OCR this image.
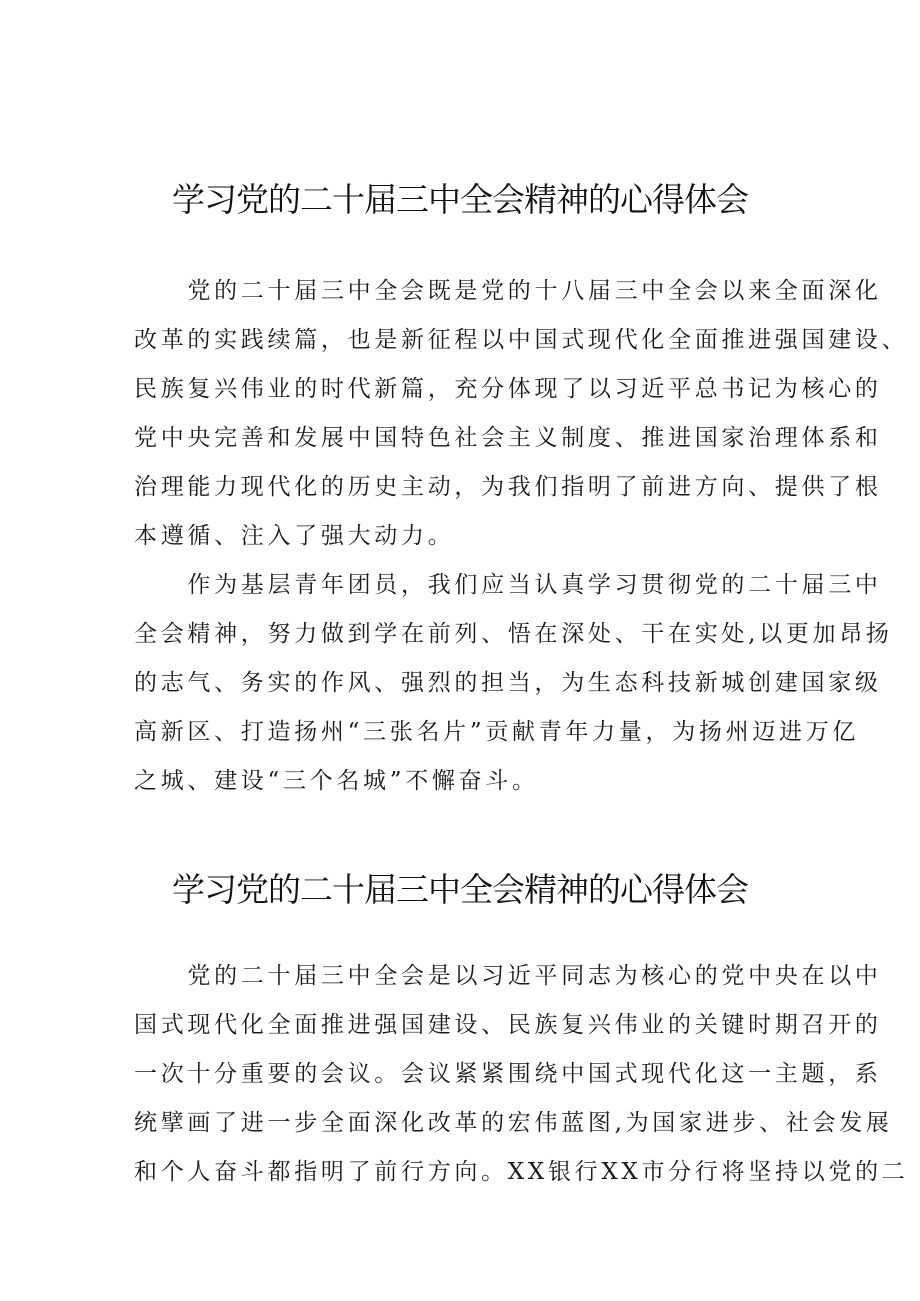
学习党的二十届三中全会精神的心得体会
　　党的二十届三中全会既是党的十八届三中全会以来全面深化
改革的实践续篇，也是新征程以中国式现代化全面推进强国建设、
民族复兴伟业的时代新篇，充分体现了以习近平总书记为核心的
党中央完善和发展中国特色社会主义制度、推进国家治理体系和
治理能力现代化的历史主动，为我们指明了前进方向、提供了根
本遵循、注入了强大动力。
　　作为基层青年团员，我们应当认真学习贯彻党的二十届三中
全会精神，努力做到学在前列、悟在深处、干在实处,以更加昂扬
的志气、务实的作风、强烈的担当，为生态科技新城创建国家级
高新区、打造扬州“三张名片”贡献青年力量，为扬州迈进万亿
之城、建设“三个名城”不懈奋斗。
学习党的二十届三中全会精神的心得体会
　　党的二十届三中全会是以习近平同志为核心的党中央在以中
国式现代化全面推进强国建设、民族复兴伟业的关键时期召开的
一次十分重要的会议。会议紧紧围绕中国式现代化这一主题，系
统擘画了进一步全面深化改革的宏伟蓝图,为国家进步、社会发展
和个人奋斗都指明了前行方向。XX银行XX市分行将坚持以党的二
